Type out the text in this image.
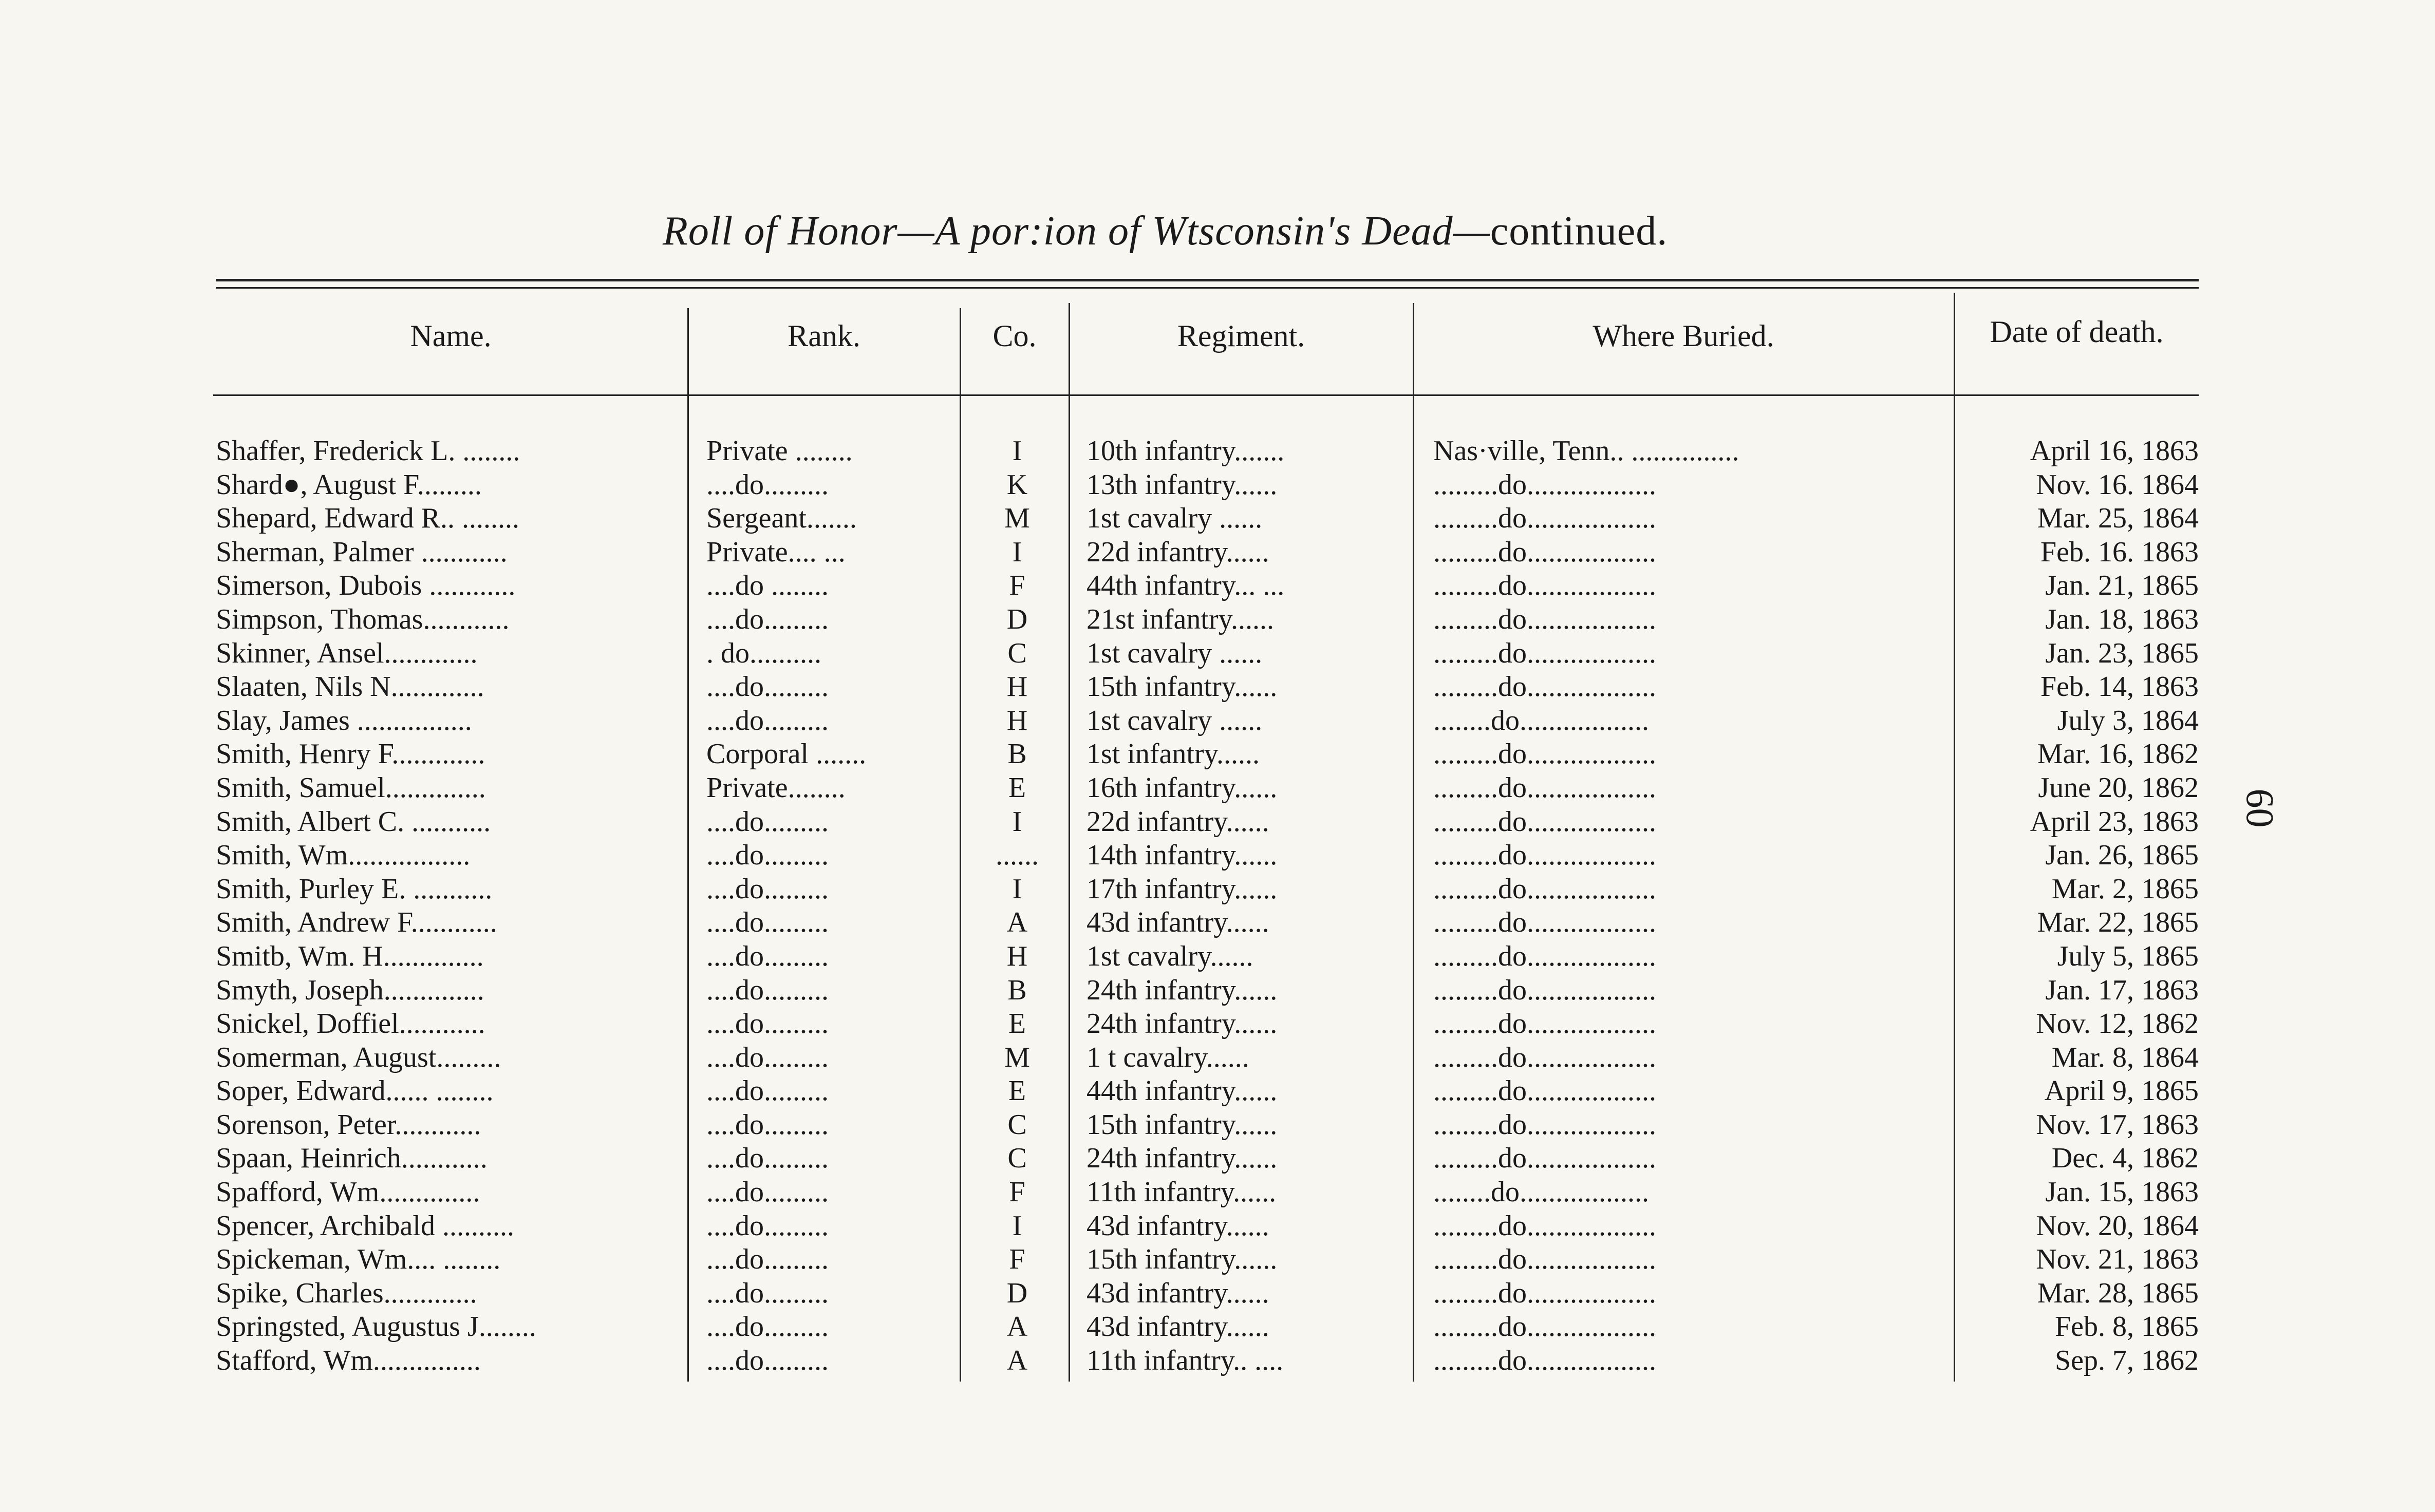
Roll of Honor—A por:ion of Wtsconsin's Dead—continued.
Name.	Rank.	Co.	Regiment.	Where Buried.	Date of death.
Shaffer, Frederick L. ........	Private ........	I	10th infantry.......	Nas·ville, Tenn.. ...............	April 16, 1863
Shard●, August F.........	....do.........	K	13th infantry......	.........do..................	Nov. 16. 1864
Shepard, Edward R.. ........	Sergeant.......	M	1st cavalry ......	.........do..................	Mar. 25, 1864
Sherman, Palmer ............	Private.... ...	I	22d infantry......	.........do..................	Feb. 16. 1863
Simerson, Dubois ............	....do ........	F	44th infantry... ...	.........do..................	Jan. 21, 1865
Simpson, Thomas............	....do.........	D	21st infantry......	.........do..................	Jan. 18, 1863
Skinner, Ansel.............	. do..........	C	1st cavalry ......	.........do..................	Jan. 23, 1865
Slaaten, Nils N.............	....do.........	H	15th infantry......	.........do..................	Feb. 14, 1863
Slay, James ................	....do.........	H	1st cavalry ......	........do..................	July 3, 1864
Smith, Henry F.............	Corporal .......	B	1st infantry......	.........do..................	Mar. 16, 1862
Smith, Samuel..............	Private........	E	16th infantry......	.........do..................	June 20, 1862
Smith, Albert C. ...........	....do.........	I	22d infantry......	.........do..................	April 23, 1863
Smith, Wm.................	....do.........	......	14th infantry......	.........do..................	Jan. 26, 1865
Smith, Purley E. ...........	....do.........	I	17th infantry......	.........do..................	Mar. 2, 1865
Smith, Andrew F............	....do.........	A	43d infantry......	.........do..................	Mar. 22, 1865
Smitb, Wm. H..............	....do.........	H	1st cavalry......	.........do..................	July 5, 1865
Smyth, Joseph..............	....do.........	B	24th infantry......	.........do..................	Jan. 17, 1863
Snickel, Doffiel............	....do.........	E	24th infantry......	.........do..................	Nov. 12, 1862
Somerman, August.........	....do.........	M	1 t cavalry......	.........do..................	Mar. 8, 1864
Soper, Edward...... ........	....do.........	E	44th infantry......	.........do..................	April 9, 1865
Sorenson, Peter............	....do.........	C	15th infantry......	.........do..................	Nov. 17, 1863
Spaan, Heinrich............	....do.........	C	24th infantry......	.........do..................	Dec. 4, 1862
Spafford, Wm..............	....do.........	F	11th infantry......	........do..................	Jan. 15, 1863
Spencer, Archibald ..........	....do.........	I	43d infantry......	.........do..................	Nov. 20, 1864
Spickeman, Wm.... ........	....do.........	F	15th infantry......	.........do..................	Nov. 21, 1863
Spike, Charles.............	....do.........	D	43d infantry......	.........do..................	Mar. 28, 1865
Springsted, Augustus J........	....do.........	A	43d infantry......	.........do..................	Feb. 8, 1865
Stafford, Wm...............	....do.........	A	11th infantry.. ....	.........do..................	Sep. 7, 1862
60
